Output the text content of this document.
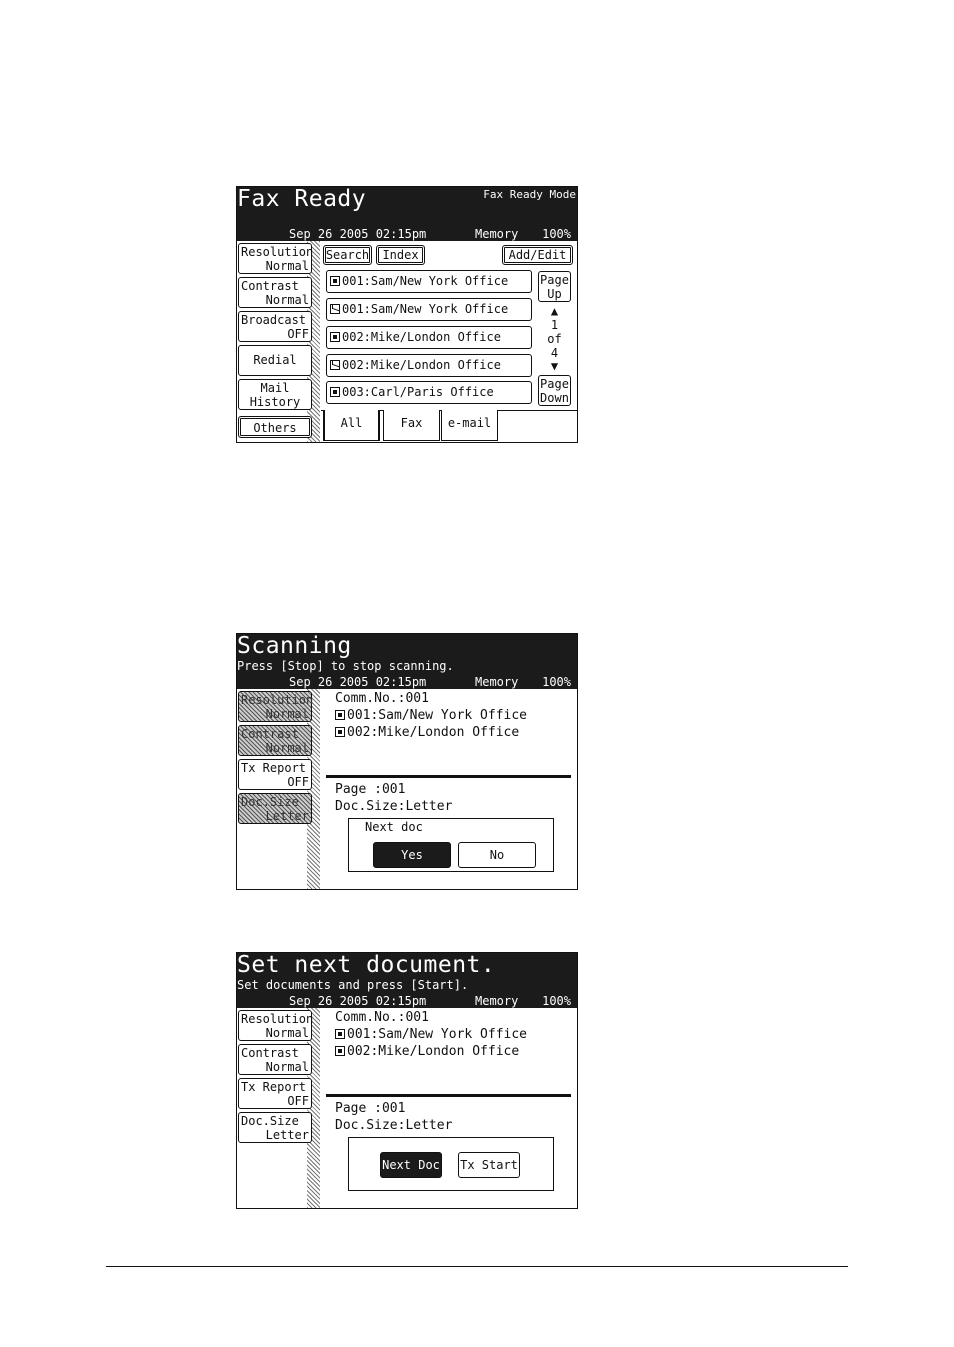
Fax Ready	Fax Ready Mode
Sep 26 2005 02:15pm	Memory 100%
Resolution
Normal
Contrast
Normal
Broadcast
OFF
Redial
Mail
History
Others
Search	Index	Add/Edit
001:Sam/New York Office
001:Sam/New York Office
002:Mike/London Office
002:Mike/London Office
003:Carl/Paris Office
Page
Up
▲
1
of
4
▼
Page
Down
All	Fax	e-mail
Scanning
Press [Stop] to stop scanning.
Sep 26 2005 02:15pm	Memory 100%
Resolution
Normal
Contrast
Normal
Tx Report
OFF
Doc.Size
Letter
Comm.No.:001
001:Sam/New York Office
002:Mike/London Office
Page :001
Doc.Size:Letter
Next doc
Yes	No
Set next document.
Set documents and press [Start].
Sep 26 2005 02:15pm	Memory 100%
Resolution
Normal
Contrast
Normal
Tx Report
OFF
Doc.Size
Letter
Comm.No.:001
001:Sam/New York Office
002:Mike/London Office
Page :001
Doc.Size:Letter
Next Doc Tx Start
